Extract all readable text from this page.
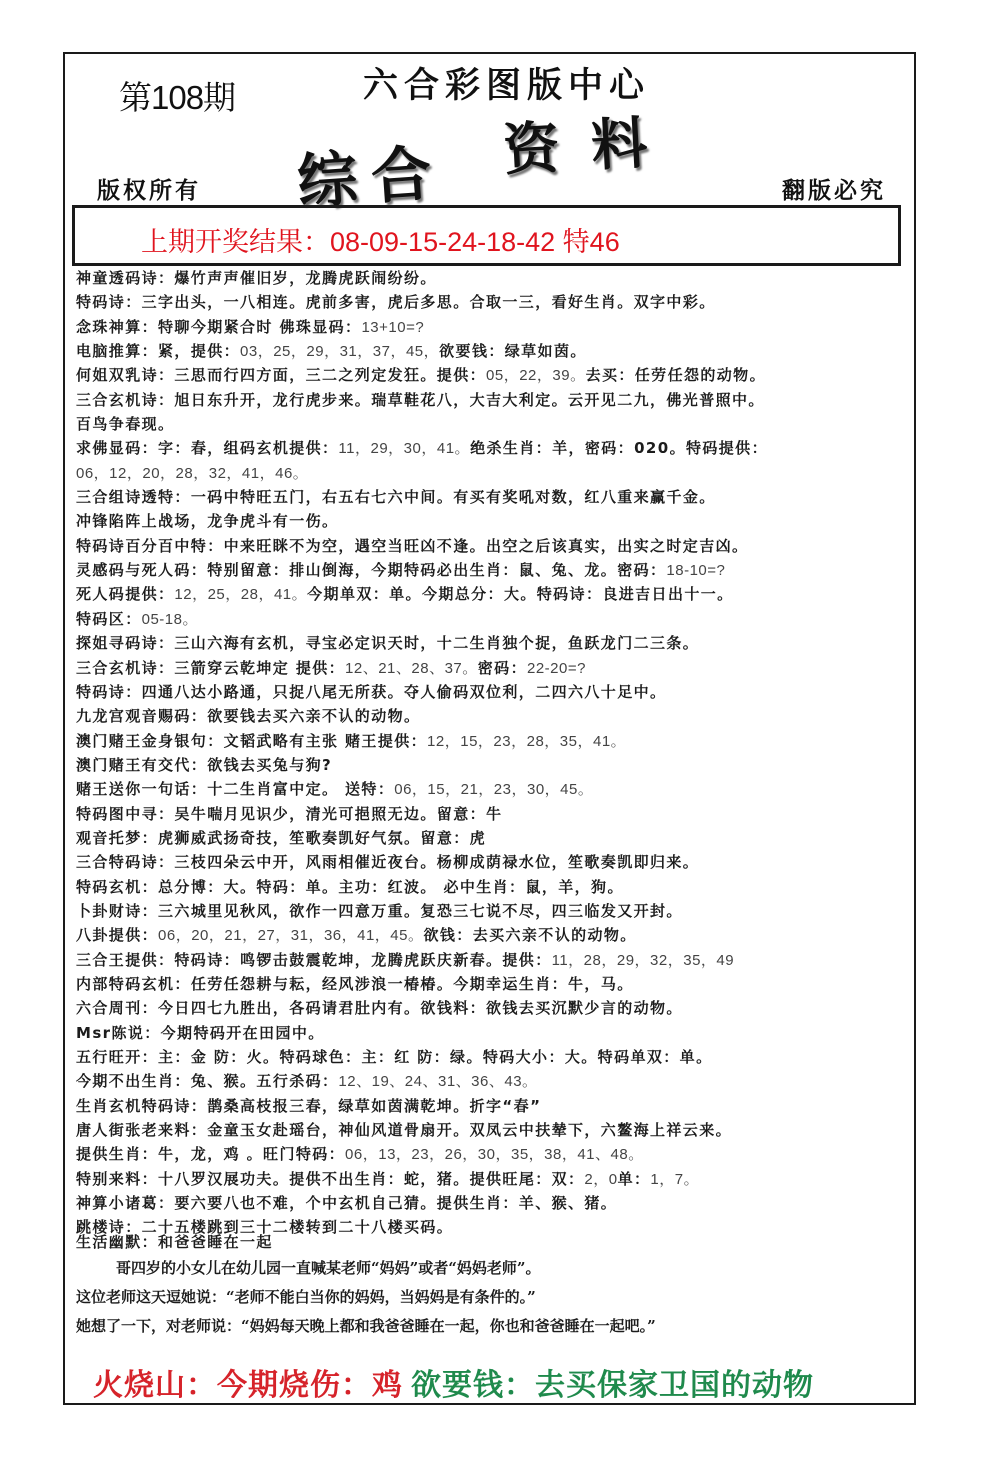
第108期	六合彩图版中心
综合 资料
版权所有	翻版必究
上期开奖结果：08-09-15-24-18-42 特46
神童透码诗：爆竹声声催旧岁，龙腾虎跃闹纷纷。
特码诗：三字出头，一八相连。虎前多害，虎后多思。合取一三，看好生肖。双字中彩。
念珠神算：特聊今期紧合时 佛珠显码：13+10=?
电脑推算：紧，提供：03，25，29，31，37，45，欲要钱：绿草如茵。
何姐双乳诗：三思而行四方面，三二之列定发狂。提供：05，22，39。去买：任劳任怨的动物。
三合玄机诗：旭日东升开，龙行虎步来。瑞草鞋花八，大吉大利定。云开见二九，佛光普照中。
百鸟争春现。
求佛显码：字：春，组码玄机提供：11，29，30，41。绝杀生肖：羊，密码：020。特码提供：
06，12，20，28，32，41，46。
三合组诗透特：一码中特旺五门，右五右七六中间。有买有奖吼对数，红八重来赢千金。
冲锋陷阵上战场，龙争虎斗有一伤。
特码诗百分百中特：中来旺眯不为空，遇空当旺凶不逢。出空之后该真实，出实之时定吉凶。
灵感码与死人码：特别留意：排山倒海，今期特码必出生肖：鼠、兔、龙。密码：18-10=?
死人码提供：12，25，28，41。今期单双：单。今期总分：大。特码诗：良进吉日出十一。
特码区：05-18。
探姐寻码诗：三山六海有玄机，寻宝必定识天时，十二生肖独个捉，鱼跃龙门二三条。
三合玄机诗：三箭穿云乾坤定 提供：12、21、28、37。密码：22-20=?
特码诗：四通八达小路通，只捉八尾无所获。夺人偷码双位利，二四六八十足中。
九龙宫观音赐码：欲要钱去买六亲不认的动物。
澳门赌王金身银句：文韬武略有主张 赌王提供：12，15，23，28，35，41。
澳门赌王有交代：欲钱去买兔与狗?
赌王送你一句话：十二生肖富中定。 送特：06，15，21，23，30，45。
特码图中寻：吴牛喘月见识少，清光可挹照无边。留意：牛
观音托梦：虎狮威武扬奇技，笙歌奏凯好气氛。留意：虎
三合特码诗：三枝四朵云中开，风雨相催近夜台。杨柳成荫禄水位，笙歌奏凯即归来。
特码玄机：总分博：大。特码：单。主功：红波。 必中生肖：鼠，羊，狗。
卜卦财诗：三六城里见秋风，欲作一四意万重。复恐三七说不尽，四三临发又开封。
八卦提供：06，20，21，27，31，36，41，45。欲钱：去买六亲不认的动物。
三合王提供：特码诗：鸣锣击鼓震乾坤，龙腾虎跃庆新春。提供：11，28，29，32，35，49
内部特码玄机：任劳任怨耕与耘，经风涉浪一椿椿。今期幸运生肖：牛，马。
六合周刊：今日四七九胜出，各码请君肚内有。欲钱料：欲钱去买沉默少言的动物。
Msr陈说：今期特码开在田园中。
五行旺开：主：金 防：火。特码球色：主：红 防：绿。特码大小：大。特码单双：单。
今期不出生肖：兔、猴。五行杀码：12、19、24、31、36、43。
生肖玄机特码诗：鹊桑高枝报三春，绿草如茵满乾坤。折字“春”
唐人街张老来料：金童玉女赴瑶台，神仙风道骨扇开。双凤云中扶辇下，六鳌海上祥云来。
提供生肖：牛，龙，鸡 。旺门特码：06，13，23，26，30，35，38，41、48。
特别来料：十八罗汉展功夫。提供不出生肖：蛇，猪。提供旺尾：双：2，0单：1，7。
神算小诸葛：要六要八也不难，个中玄机自己猜。提供生肖：羊、猴、猪。
跳楼诗：二十五楼跳到三十二楼转到二十八楼买码。
生活幽默：和爸爸睡在一起
哥四岁的小女儿在幼儿园一直喊某老师“妈妈”或者“妈妈老师”。
这位老师这天逗她说：“老师不能白当你的妈妈，当妈妈是有条件的。”
她想了一下，对老师说：“妈妈每天晚上都和我爸爸睡在一起，你也和爸爸睡在一起吧。”
火烧山：今期烧伤：鸡 欲要钱：去买保家卫国的动物
